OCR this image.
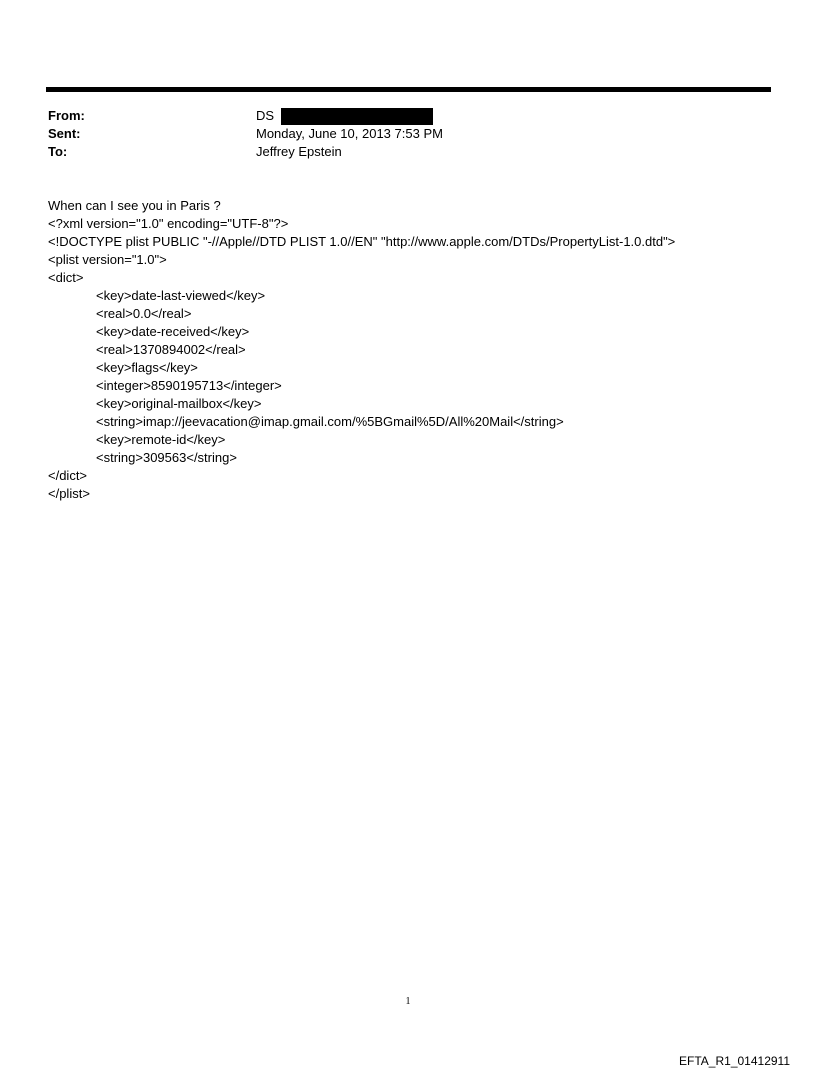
From:	DS
Sent:	Monday, June 10, 2013 7:53 PM
To:	Jeffrey Epstein
When can I see you in Paris ?
<?xml version="1.0" encoding="UTF-8"?>
<!DOCTYPE plist PUBLIC "-//Apple//DTD PLIST 1.0//EN" "http://www.apple.com/DTDs/PropertyList-1.0.dtd">
<plist version="1.0">
<dict>
<key>date-last-viewed</key>
<real>0.0</real>
<key>date-received</key>
<real>1370894002</real>
<key>flags</key>
<integer>8590195713</integer>
<key>original-mailbox</key>
<string>imap://jeevacation@imap.gmail.com/%5BGmail%5D/All%20Mail</string>
<key>remote-id</key>
<string>309563</string>
</dict>
</plist>
1
EFTA_R1_01412911
